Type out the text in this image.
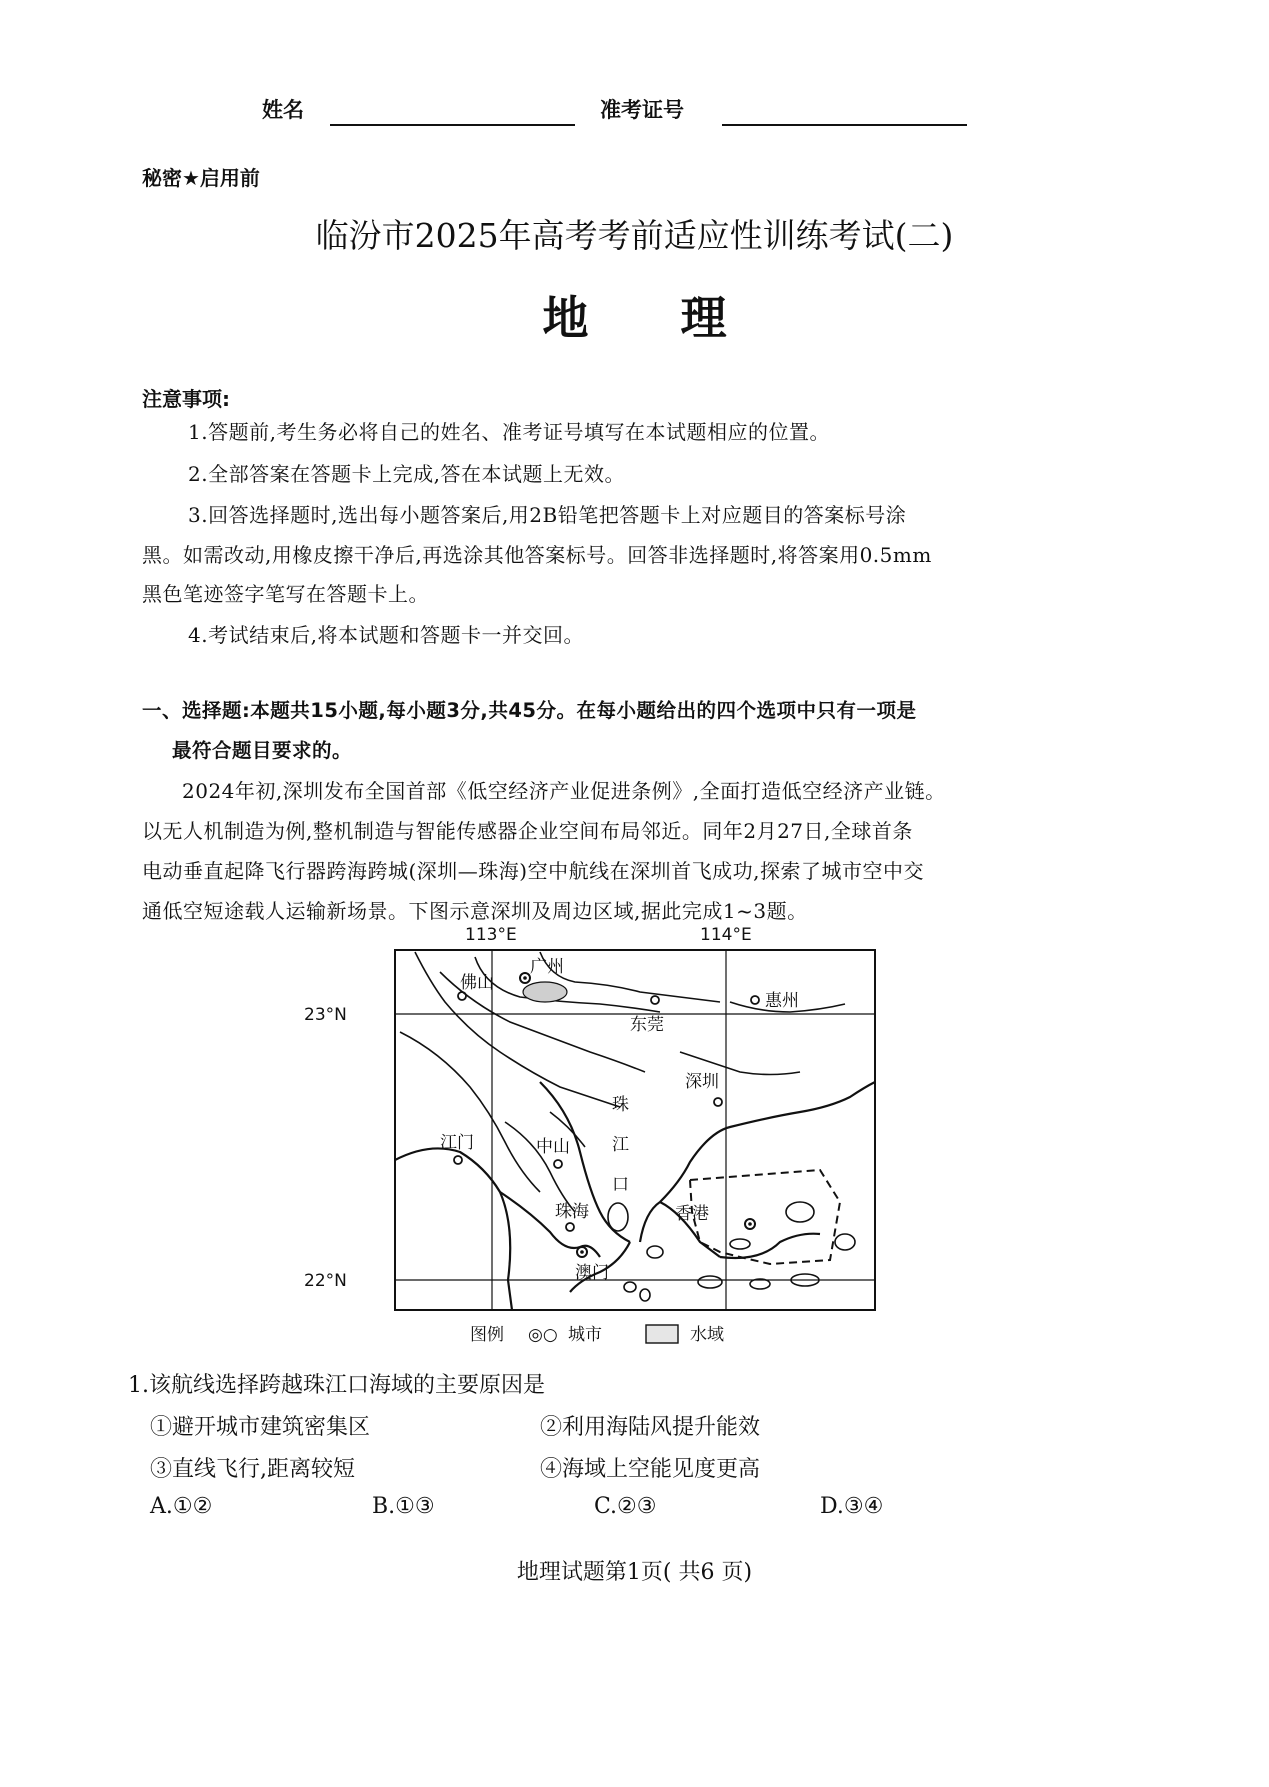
姓名	准考证号
秘密★启用前
临汾市2025年高考考前适应性训练考试(二)
地　　理
注意事项:
1.答题前,考生务必将自己的姓名、准考证号填写在本试题相应的位置。
2.全部答案在答题卡上完成,答在本试题上无效。
3.回答选择题时,选出每小题答案后,用2B铅笔把答题卡上对应题目的答案标号涂
黑。如需改动,用橡皮擦干净后,再选涂其他答案标号。回答非选择题时,将答案用0.5mm
黑色笔迹签字笔写在答题卡上。
4.考试结束后,将本试题和答题卡一并交回。
一、选择题:本题共15小题,每小题3分,共45分。在每小题给出的四个选项中只有一项是
最符合题目要求的。
2024年初,深圳发布全国首部《低空经济产业促进条例》,全面打造低空经济产业链。
以无人机制造为例,整机制造与智能传感器企业空间布局邻近。同年2月27日,全球首条
电动垂直起降飞行器跨海跨城(深圳—珠海)空中航线在深圳首飞成功,探索了城市空中交
通低空短途载人运输新场景。下图示意深圳及周边区域,据此完成1~3题。
113°E	114°E
23°N
22°N
广州
佛山
东莞
惠州
深圳
江门	中山
珠海	香港
澳门
珠
江
口
图例 ◎○ 城市	水域
1.该航线选择跨越珠江口海域的主要原因是
①避开城市建筑密集区	②利用海陆风提升能效
③直线飞行,距离较短	④海域上空能见度更高
A.①②	B.①③	C.②③	D.③④
地理试题第1页( 共6 页)
